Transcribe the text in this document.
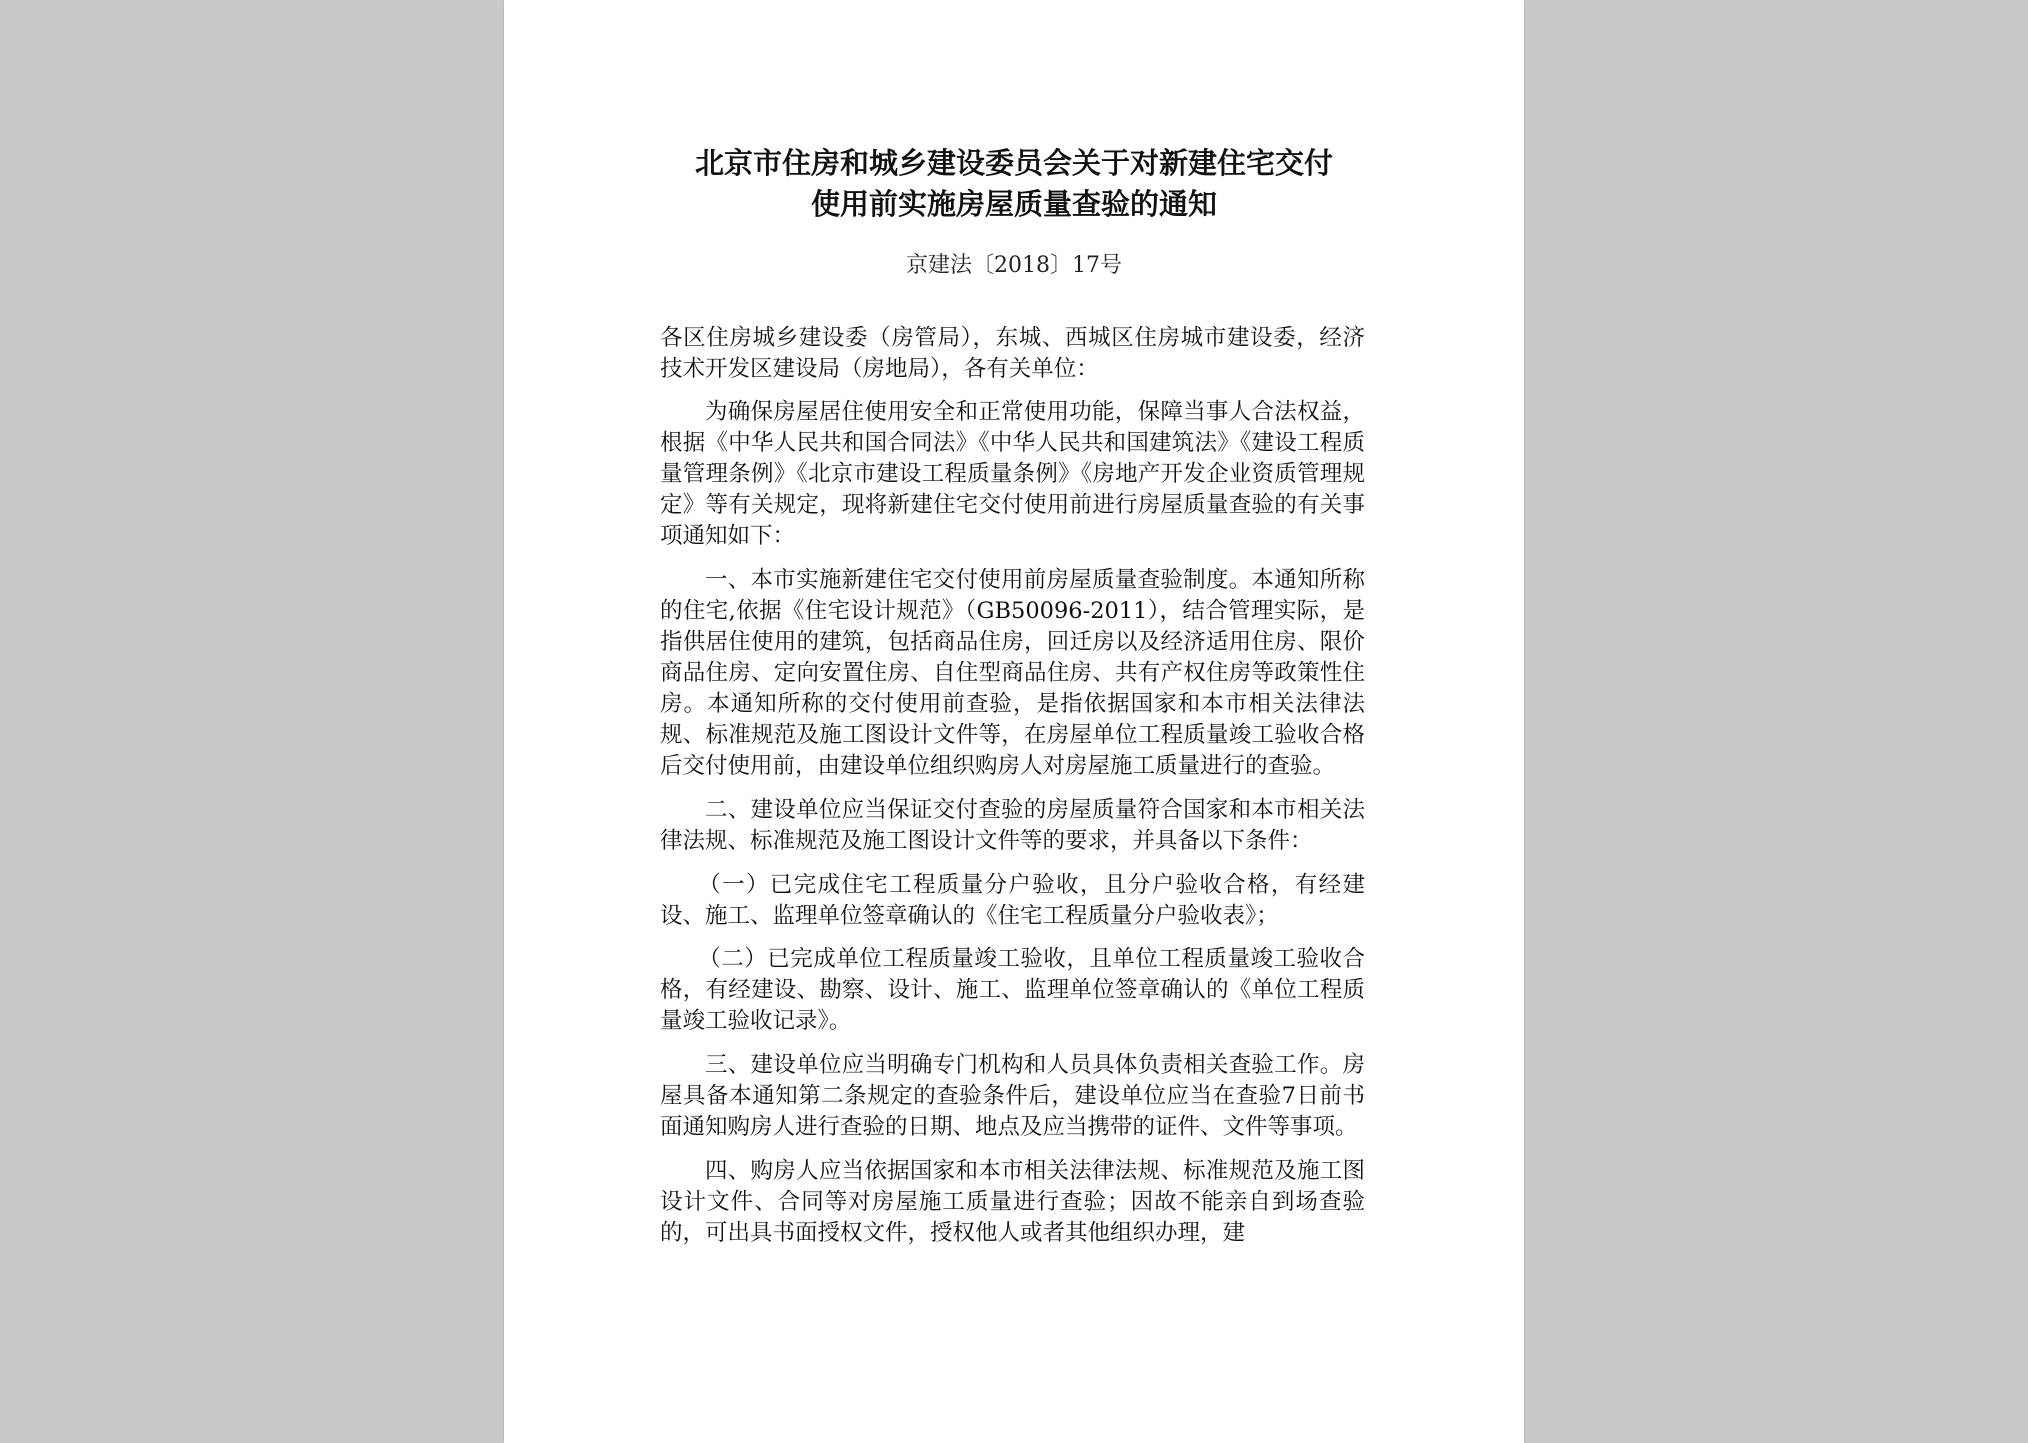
北京市住房和城乡建设委员会关于对新建住宅交付
使用前实施房屋质量查验的通知
京建法〔2018〕17号

各区住房城乡建设委（房管局），东城、西城区住房城市建设委，经济技术开发区建设局（房地局），各有关单位：

为确保房屋居住使用安全和正常使用功能，保障当事人合法权益，根据《中华人民共和国合同法》《中华人民共和国建筑法》《建设工程质量管理条例》《北京市建设工程质量条例》《房地产开发企业资质管理规定》等有关规定，现将新建住宅交付使用前进行房屋质量查验的有关事项通知如下：

一、本市实施新建住宅交付使用前房屋质量查验制度。本通知所称的住宅,依据《住宅设计规范》（GB50096-2011），结合管理实际，是指供居住使用的建筑，包括商品住房，回迁房以及经济适用住房、限价商品住房、定向安置住房、自住型商品住房、共有产权住房等政策性住房。本通知所称的交付使用前查验，是指依据国家和本市相关法律法规、标准规范及施工图设计文件等，在房屋单位工程质量竣工验收合格后交付使用前，由建设单位组织购房人对房屋施工质量进行的查验。

二、建设单位应当保证交付查验的房屋质量符合国家和本市相关法律法规、标准规范及施工图设计文件等的要求，并具备以下条件：

（一）已完成住宅工程质量分户验收，且分户验收合格，有经建设、施工、监理单位签章确认的《住宅工程质量分户验收表》；

（二）已完成单位工程质量竣工验收，且单位工程质量竣工验收合格，有经建设、勘察、设计、施工、监理单位签章确认的《单位工程质量竣工验收记录》。

三、建设单位应当明确专门机构和人员具体负责相关查验工作。房屋具备本通知第二条规定的查验条件后，建设单位应当在查验7日前书面通知购房人进行查验的日期、地点及应当携带的证件、文件等事项。

四、购房人应当依据国家和本市相关法律法规、标准规范及施工图设计文件、合同等对房屋施工质量进行查验；因故不能亲自到场查验的，可出具书面授权文件，授权他人或者其他组织办理，建
